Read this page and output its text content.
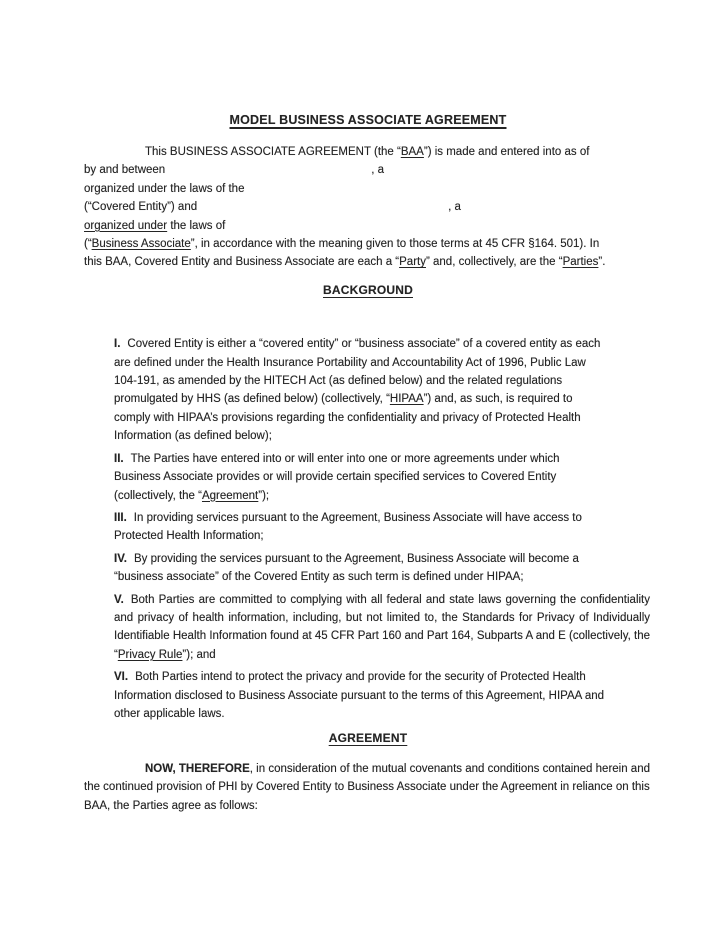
MODEL BUSINESS ASSOCIATE AGREEMENT
This BUSINESS ASSOCIATE AGREEMENT (the “BAA”) is made and entered into as of
by and between	, a
organized under the laws of the
(“Covered Entity”) and	, a
organized under the laws of
(“Business Associate”, in accordance with the meaning given to those terms at 45 CFR §164. 501). In
this BAA, Covered Entity and Business Associate are each a “Party” and, collectively, are the “Parties”.
BACKGROUND

I. Covered Entity is either a “covered entity” or “business associate” of a covered entity as each are defined under the Health Insurance Portability and Accountability Act of 1996, Public Law 104-191, as amended by the HITECH Act (as defined below) and the related regulations promulgated by HHS (as defined below) (collectively, “HIPAA”) and, as such, is required to comply with HIPAA’s provisions regarding the confidentiality and privacy of Protected Health Information (as defined below);

II. The Parties have entered into or will enter into one or more agreements under which Business Associate provides or will provide certain specified services to Covered Entity (collectively, the “Agreement”);

III. In providing services pursuant to the Agreement, Business Associate will have access to Protected Health Information;

IV. By providing the services pursuant to the Agreement, Business Associate will become a “business associate” of the Covered Entity as such term is defined under HIPAA;

V. Both Parties are committed to complying with all federal and state laws governing the confidentiality and privacy of health information, including, but not limited to, the Standards for Privacy of Individually Identifiable Health Information found at 45 CFR Part 160 and Part 164, Subparts A and E (collectively, the “Privacy Rule”); and

VI. Both Parties intend to protect the privacy and provide for the security of Protected Health Information disclosed to Business Associate pursuant to the terms of this Agreement, HIPAA and other applicable laws.

AGREEMENT

NOW, THEREFORE, in consideration of the mutual covenants and conditions contained herein and the continued provision of PHI by Covered Entity to Business Associate under the Agreement in reliance on this BAA, the Parties agree as follows:
